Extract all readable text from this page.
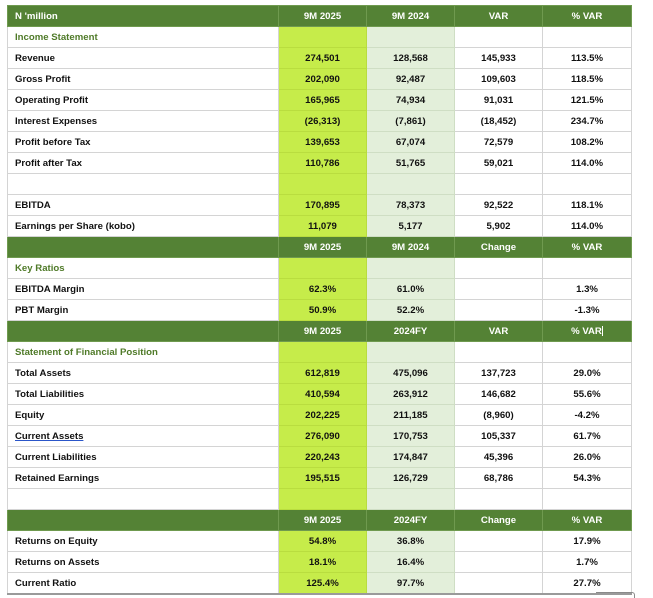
N 'million	9M 2025	9M 2024	VAR	% VAR
Income Statement				
Revenue	274,501	128,568	145,933	113.5%
Gross Profit	202,090	92,487	109,603	118.5%
Operating Profit	165,965	74,934	91,031	121.5%
Interest Expenses	(26,313)	(7,861)	(18,452)	234.7%
Profit before Tax	139,653	67,074	72,579	108.2%
Profit after Tax	110,786	51,765	59,021	114.0%

EBITDA	170,895	78,373	92,522	118.1%
Earnings per Share (kobo)	11,079	5,177	5,902	114.0%
	9M 2025	9M 2024	Change	% VAR
Key Ratios				
EBITDA Margin	62.3%	61.0%		1.3%
PBT Margin	50.9%	52.2%		-1.3%
	9M 2025	2024FY	VAR	% VAR
Statement of Financial Position				
Total Assets	612,819	475,096	137,723	29.0%
Total Liabilities	410,594	263,912	146,682	55.6%
Equity	202,225	211,185	(8,960)	-4.2%
Current Assets	276,090	170,753	105,337	61.7%
Current Liabilities	220,243	174,847	45,396	26.0%
Retained Earnings	195,515	126,729	68,786	54.3%

	9M 2025	2024FY	Change	% VAR
Returns on Equity	54.8%	36.8%		17.9%
Returns on Assets	18.1%	16.4%		1.7%
Current Ratio	125.4%	97.7%		27.7%
